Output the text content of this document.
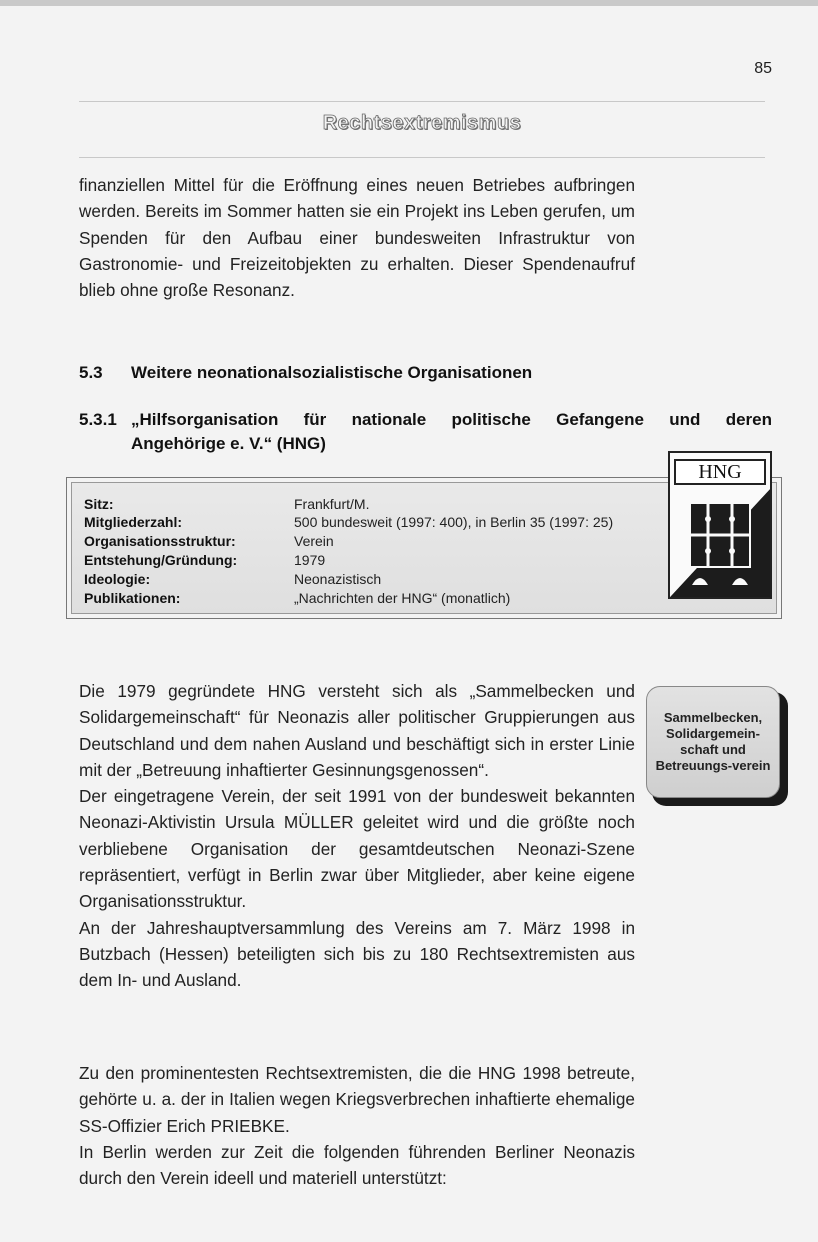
85
Rechtsextremismus

finanziellen Mittel für die Eröffnung eines neuen Betriebes aufbringen werden. Bereits im Sommer hatten sie ein Projekt ins Leben gerufen, um Spenden für den Aufbau einer bundesweiten Infrastruktur von Gastronomie- und Freizeitobjekten zu erhalten. Dieser Spendenaufruf blieb ohne große Resonanz.

5.3 Weitere neonationalsozialistische Organisationen
5.3.1 „Hilfsorganisation für nationale politische Gefangene und deren
Angehörige e. V.“ (HNG)
Sitz:	Frankfurt/M.
Mitgliederzahl:	500 bundesweit (1997: 400), in Berlin 35 (1997: 25)
Organisationsstruktur:	Verein
Entstehung/Gründung:	1979
Ideologie:	Neonazistisch
Publikationen:	„Nachrichten der HNG“ (monatlich)
HNG

Die 1979 gegründete HNG versteht sich als „Sammelbecken und Solidargemeinschaft“ für Neonazis aller politischer Gruppierungen aus Deutschland und dem nahen Ausland und beschäftigt sich in erster Linie mit der „Betreuung inhaftierter Gesinnungsgenossen“.

Der eingetragene Verein, der seit 1991 von der bundesweit bekannten Neonazi-Aktivistin Ursula MÜLLER geleitet wird und die größte noch verbliebene Organisation der gesamtdeutschen Neonazi-Szene repräsentiert, verfügt in Berlin zwar über Mitglieder, aber keine eigene Organisationsstruktur.

An der Jahreshauptversammlung des Vereins am 7. März 1998 in Butzbach (Hessen) beteiligten sich bis zu 180 Rechtsextremisten aus dem In- und Ausland.

Zu den prominentesten Rechtsextremisten, die die HNG 1998 betreute, gehörte u. a. der in Italien wegen Kriegsverbrechen inhaftierte ehemalige SS-Offizier Erich PRIEBKE.

In Berlin werden zur Zeit die folgenden führenden Berliner Neonazis durch den Verein ideell und materiell unterstützt:

Sammelbecken, Solidargemein-schaft und Betreuungs-verein
